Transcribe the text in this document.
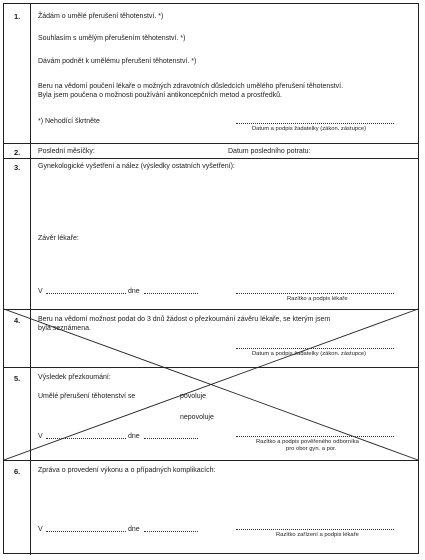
1.	Žádám o umělé přerušení těhotenství. *)
Souhlasím s umělým přerušením těhotenství. *)
Dávám podnět k umělému přerušení těhotenství. *)
Beru na vědomí poučení lékaře o možných zdravotních důsledcích umělého přerušení těhotenství.
Byla jsem poučena o možnosti používání antikoncepčních metod a prostředků.
*) Nehodící škrtněte
Datum a podpis žadatelky (zákon. zástupce)
2.	Poslední měsíčky:	Datum posledního potratu:
3.	Gynekologické vyšetření a nález (výsledky ostatních vyšetření):
Závěr lékaře:
V	dne
Razítko a podpis lékaře
4.	Beru na vědomí možnost podat do 3 dnů žádost o přezkoumání závěru lékaře, se kterým jsem
byla seznámena.
Datum a podpis žadatelky (zákon. zástupce)
5.	Výsledek přezkoumání:
Umělé přerušení těhotenství se	povoluje
nepovoluje
V	dne
Razítko a podpis pověřeného odborníka
pro obor gyn. a por.
6.	Zpráva o provedení výkonu a o případných komplikacích:
V	dne
Razítko zařízení a podpis lékaře
